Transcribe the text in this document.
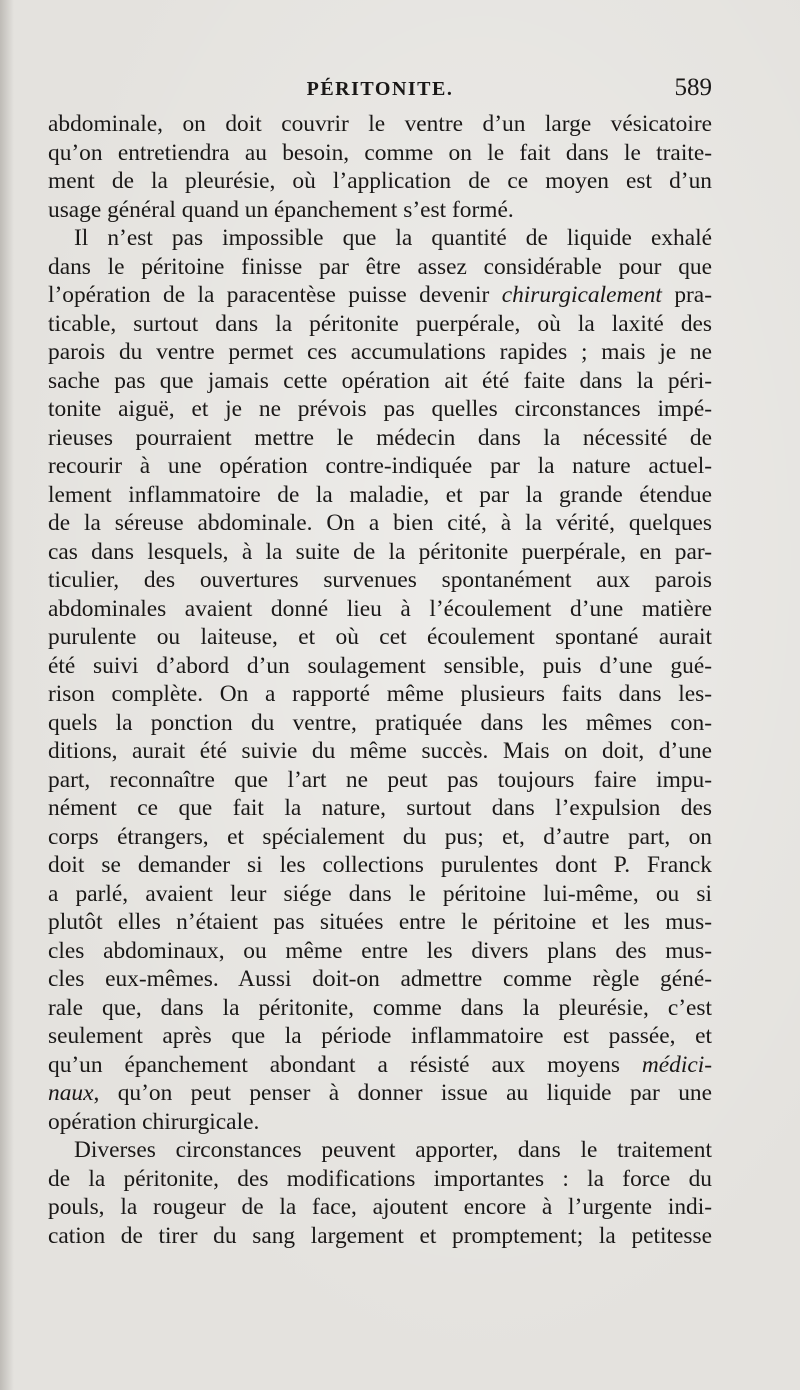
PÉRITONITE.	589
abdominale, on doit couvrir le ventre d’un large vésicatoire
qu’on entretiendra au besoin, comme on le fait dans le traite-
ment de la pleurésie, où l’application de ce moyen est d’un
usage général quand un épanchement s’est formé.
Il n’est pas impossible que la quantité de liquide exhalé
dans le péritoine finisse par être assez considérable pour que
l’opération de la paracentèse puisse devenir chirurgicalement pra-
ticable, surtout dans la péritonite puerpérale, où la laxité des
parois du ventre permet ces accumulations rapides ; mais je ne
sache pas que jamais cette opération ait été faite dans la péri-
tonite aiguë, et je ne prévois pas quelles circonstances impé-
rieuses pourraient mettre le médecin dans la nécessité de
recourir à une opération contre-indiquée par la nature actuel-
lement inflammatoire de la maladie, et par la grande étendue
de la séreuse abdominale. On a bien cité, à la vérité, quelques
cas dans lesquels, à la suite de la péritonite puerpérale, en par-
ticulier, des ouvertures survenues spontanément aux parois
abdominales avaient donné lieu à l’écoulement d’une matière
purulente ou laiteuse, et où cet écoulement spontané aurait
été suivi d’abord d’un soulagement sensible, puis d’une gué-
rison complète. On a rapporté même plusieurs faits dans les-
quels la ponction du ventre, pratiquée dans les mêmes con-
ditions, aurait été suivie du même succès. Mais on doit, d’une
part, reconnaître que l’art ne peut pas toujours faire impu-
nément ce que fait la nature, surtout dans l’expulsion des
corps étrangers, et spécialement du pus; et, d’autre part, on
doit se demander si les collections purulentes dont P. Franck
a parlé, avaient leur siége dans le péritoine lui-même, ou si
plutôt elles n’étaient pas situées entre le péritoine et les mus-
cles abdominaux, ou même entre les divers plans des mus-
cles eux-mêmes. Aussi doit-on admettre comme règle géné-
rale que, dans la péritonite, comme dans la pleurésie, c’est
seulement après que la période inflammatoire est passée, et
qu’un épanchement abondant a résisté aux moyens médici-
naux, qu’on peut penser à donner issue au liquide par une
opération chirurgicale.
Diverses circonstances peuvent apporter, dans le traitement
de la péritonite, des modifications importantes : la force du
pouls, la rougeur de la face, ajoutent encore à l’urgente indi-
cation de tirer du sang largement et promptement; la petitesse
